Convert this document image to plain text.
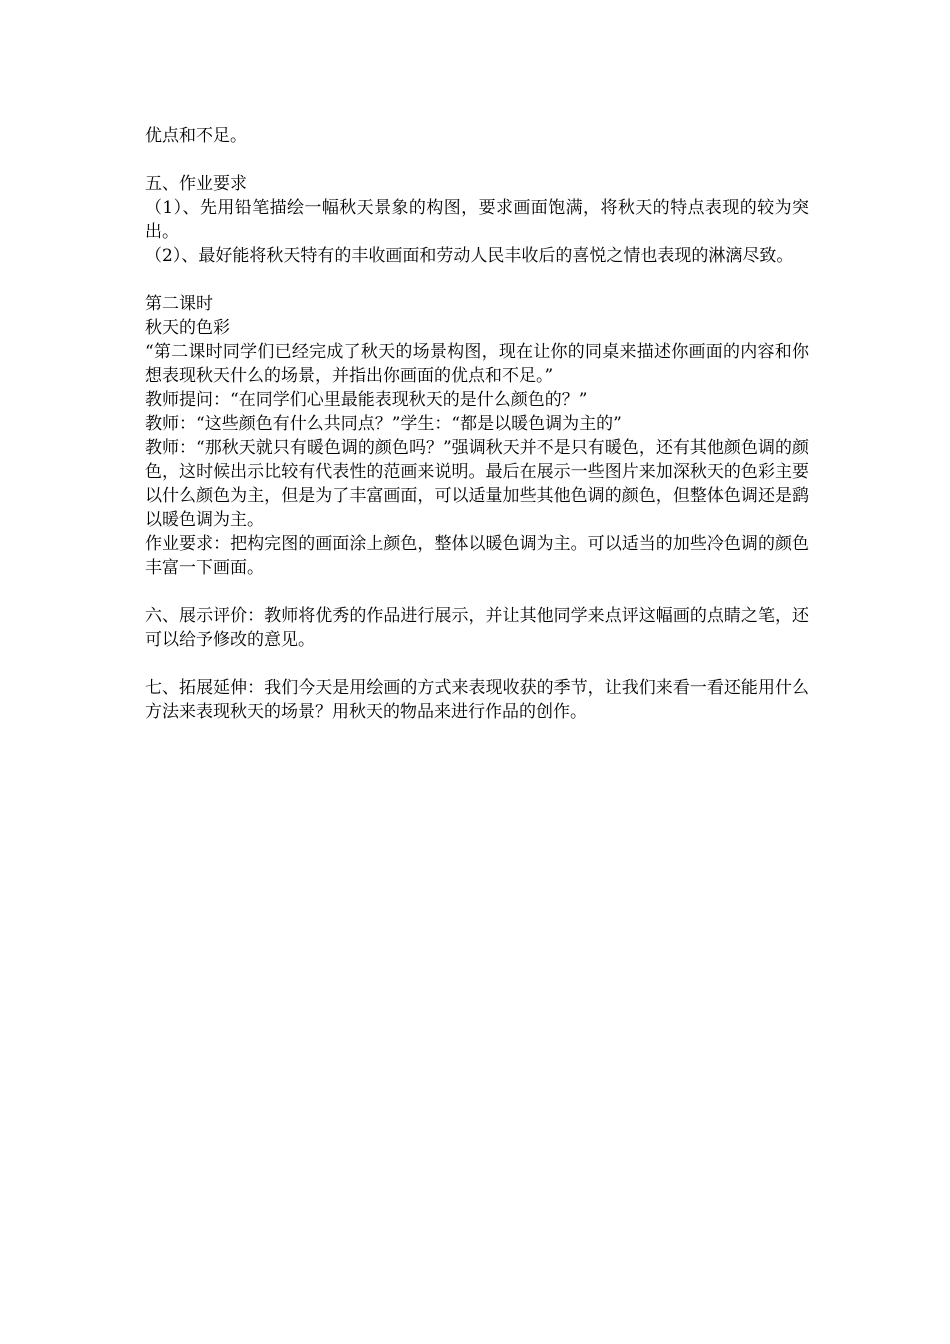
优点和不足。

五、作业要求

（1）、先用铅笔描绘一幅秋天景象的构图，要求画面饱满，将秋天的特点表现的较为突出。

（2）、最好能将秋天特有的丰收画面和劳动人民丰收后的喜悦之情也表现的淋漓尽致。

第二课时

秋天的色彩

“第二课时同学们已经完成了秋天的场景构图，现在让你的同桌来描述你画面的内容和你想表现秋天什么的场景，并指出你画面的优点和不足。”

教师提问：“在同学们心里最能表现秋天的是什么颜色的？”

教师：“这些颜色有什么共同点？”学生：“都是以暖色调为主的”

教师：“那秋天就只有暖色调的颜色吗？”强调秋天并不是只有暖色，还有其他颜色调的颜色，这时候出示比较有代表性的范画来说明。最后在展示一些图片来加深秋天的色彩主要以什么颜色为主，但是为了丰富画面，可以适量加些其他色调的颜色，但整体色调还是鹞以暖色调为主。

作业要求：把构完图的画面涂上颜色，整体以暖色调为主。可以适当的加些冷色调的颜色丰富一下画面。

六、展示评价：教师将优秀的作品进行展示，并让其他同学来点评这幅画的点睛之笔，还可以给予修改的意见。

七、拓展延伸：我们今天是用绘画的方式来表现收获的季节，让我们来看一看还能用什么方法来表现秋天的场景？用秋天的物品来进行作品的创作。
